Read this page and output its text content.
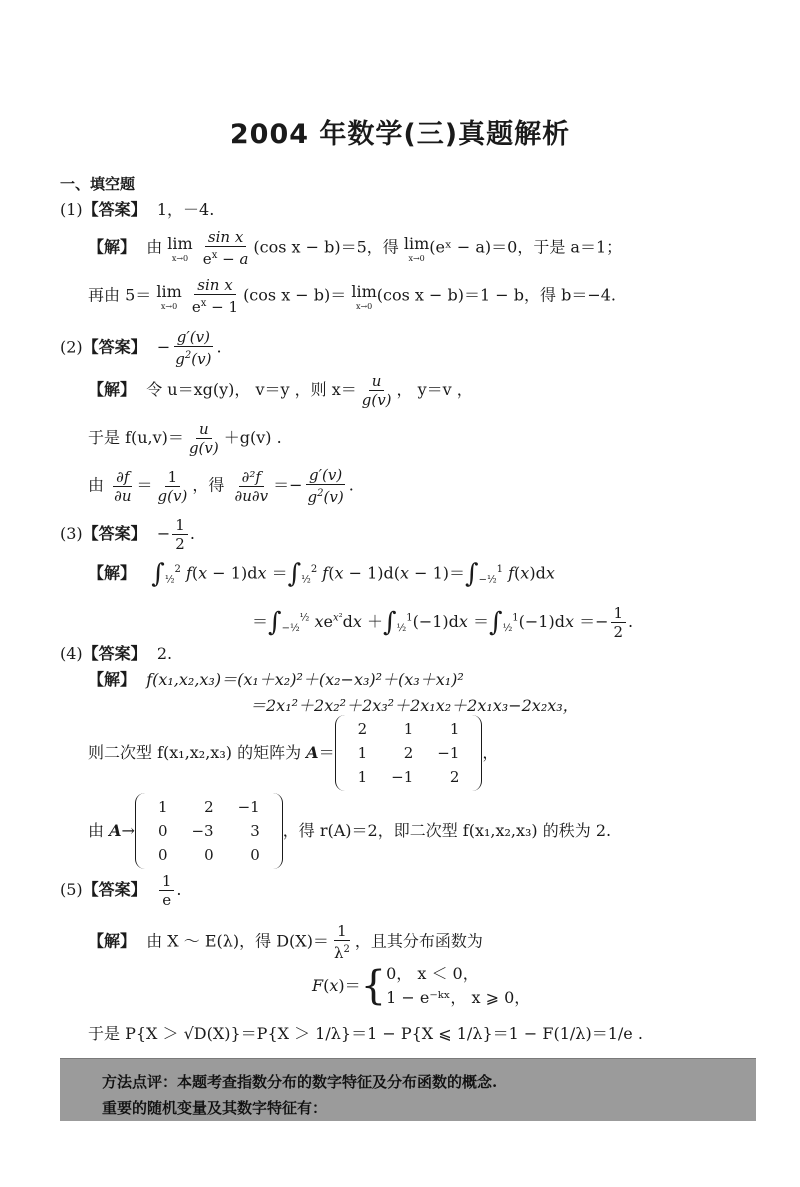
2004 年数学(三)真题解析
一、填空题
(1)【答案】 1，－4.
【解】 由 lim
x→0
$\frac{\text{sin x}}{e^x - a} (\cos$ x − b)＝5，得 lim
x→0
(eˣ − a)＝0，于是 a＝1；
再由 5＝ lim
x→0
$\frac{\text{sin x}}{e^x - 1} (\cos$ x − b)＝ lim
x→0
(cos x − b)＝1 − b，得 b＝−4.
(2)【答案】  − $\frac{g'(v)}{g^2(v)}$ .
【解】 令 u＝xg(y)， v＝y ，则 $x= \frac{u}{g(v)}$ ， y＝v ，
于是 $f(u,v)= \frac{u}{g(v)} +g(v)$ .
由 $\frac{\partial f}{\partial u} = \frac{1}{g(v)}$ ，得 $\frac{\text{∂²f}}{\partial u\partial v} =- \frac{g'(v)}{g^2(v)}$ .
(3)【答案】  − $\frac{1}{2}$ .
【解】 $\int_{\frac{1}{2}}^2$ $f(x - 1)dx =\int_{\frac{1}{2}}^2$ $f(x - 1)d(x - 1)=\int_{-\frac{1}{2}}^1$ f(x)dx
$=\int_{-\frac{1}{2}}^{\frac{1}{2}}$ $xe^{x^2}dx +\int_{\frac{1}{2}}^1(-1)dx =\int_{\frac{1}{2}}^1(-1)dx =- \frac{1}{2}$ .
(4)【答案】 2.
【解】 f(x₁,x₂,x₃)＝(x₁＋x₂)²＋(x₂−x₃)²＋(x₃＋x₁)²
＝2x₁²＋2x₂²＋2x₃²＋2x₁x₂＋2x₁x₃−2x₂x₃，
则二次型 f(x₁,x₂,x₃) 的矩阵为
A ＝
2	1	1
1	2	−1
1	−1	2
，
由
A →
1	2	−1
0	−3	3
0	0	0
，得 r(A)＝2，即二次型 f(x₁,x₂,x₃) 的秩为 2.
(5)【答案】 $\frac{1}{e}$ .
【解】 由 X ～ E(λ)，得 $D(X)= \frac{1}{\lambda^2}$ ，且其分布函数为
F ( x )＝ { 0， x ＜ 0，
1 − e⁻ᵏˣ， x ⩾ 0，
于是 P{X ＞ √D(X)}＝P{X ＞ 1/λ}＝1 − P{X ⩽ 1/λ}＝1 − F(1/λ)＝1/e .
方法点评：本题考查指数分布的数字特征及分布函数的概念.
重要的随机变量及其数字特征有：
